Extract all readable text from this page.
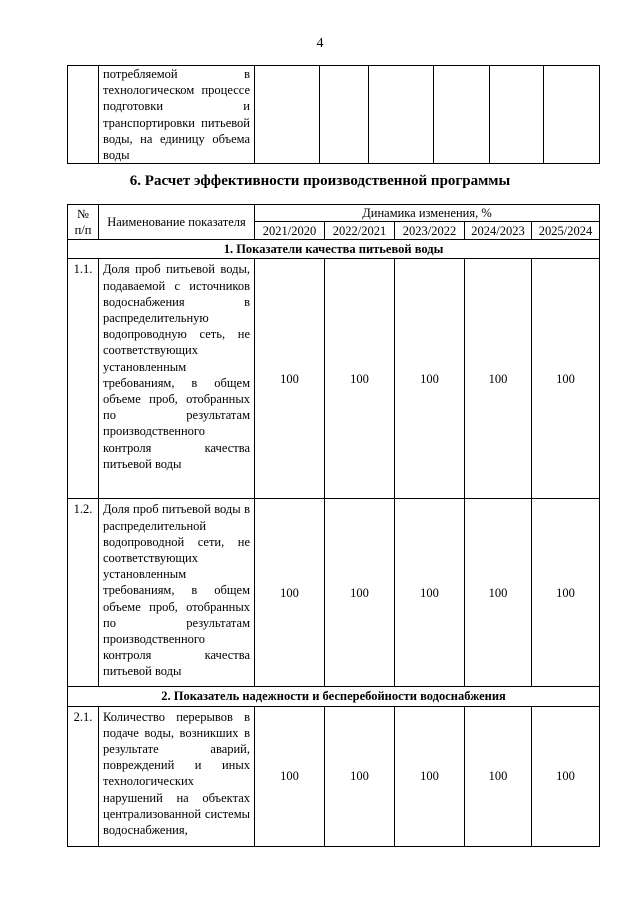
4
	потребляемой в технологическом процессе подготовки и транспортировки питьевой воды, на единицу объема воды						
6. Расчет эффективности производственной программы
№ п/п	Наименование показателя	Динамика изменения, %				
		2021/2020	2022/2021	2023/2022	2024/2023	2025/2024
1. Показатели качества питьевой воды						
1.1.	Доля проб питьевой воды, подаваемой с источников водоснабжения в распределительную водопроводную сеть, не соответствующих установленным требованиям, в общем объеме проб, отобранных по результатам производственного контроля качества питьевой воды	100	100	100	100	100
1.2.	Доля проб питьевой воды в распределительной водопроводной сети, не соответствующих установленным требованиям, в общем объеме проб, отобранных по результатам производственного контроля качества питьевой воды	100	100	100	100	100
2. Показатель надежности и бесперебойности водоснабжения						
2.1.	Количество перерывов в подаче воды, возникших в результате аварий, повреждений и иных технологических нарушений на объектах централизованной системы водоснабжения,	100	100	100	100	100
